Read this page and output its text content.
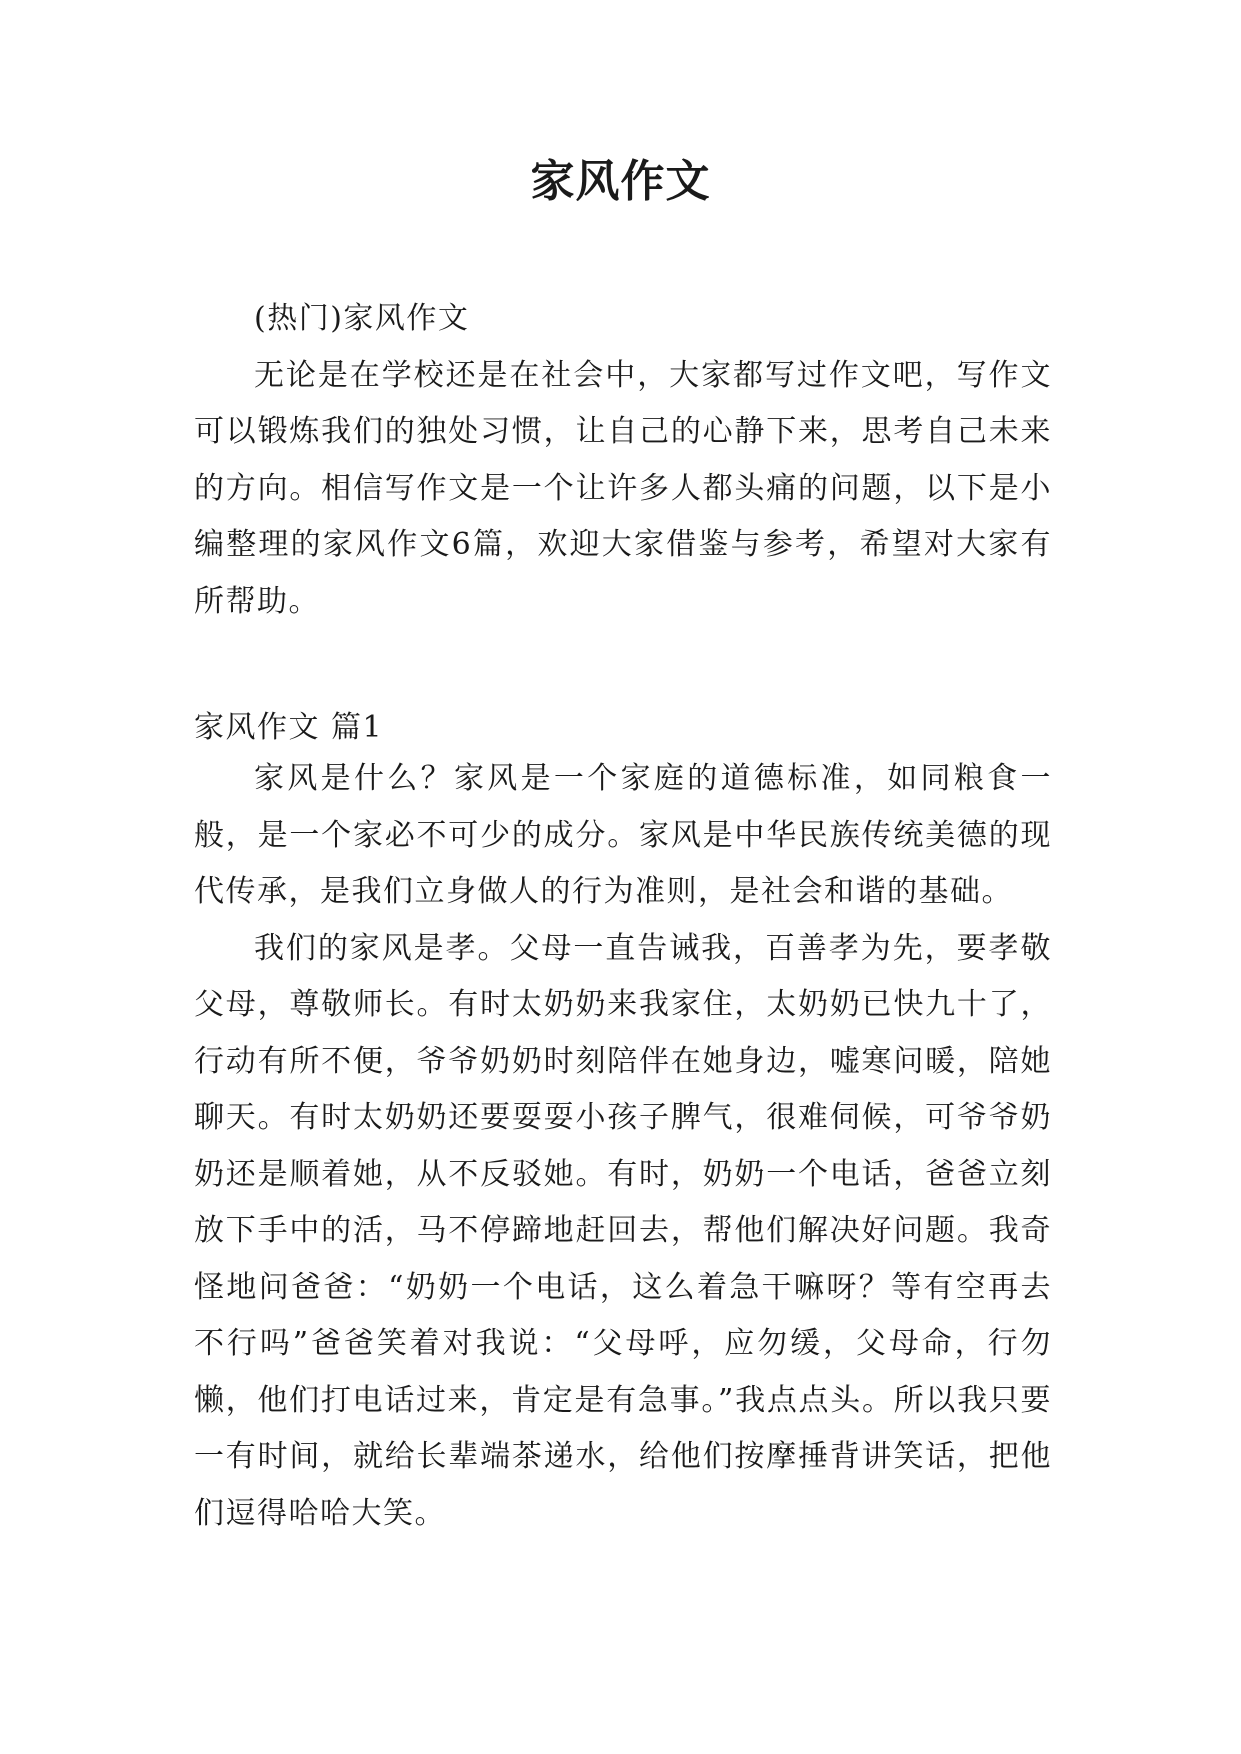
家风作文

(热门)家风作文

无论是在学校还是在社会中，大家都写过作文吧，写作文可以锻炼我们的独处习惯，让自己的心静下来，思考自己未来的方向。相信写作文是一个让许多人都头痛的问题，以下是小编整理的家风作文6篇，欢迎大家借鉴与参考，希望对大家有所帮助。

家风作文 篇1

家风是什么？家风是一个家庭的道德标准，如同粮食一般，是一个家必不可少的成分。家风是中华民族传统美德的现代传承，是我们立身做人的行为准则，是社会和谐的基础。

我们的家风是孝。父母一直告诫我，百善孝为先，要孝敬父母，尊敬师长。有时太奶奶来我家住，太奶奶已快九十了，行动有所不便，爷爷奶奶时刻陪伴在她身边，嘘寒问暖，陪她聊天。有时太奶奶还要耍耍小孩子脾气，很难伺候，可爷爷奶奶还是顺着她，从不反驳她。有时，奶奶一个电话，爸爸立刻放下手中的活，马不停蹄地赶回去，帮他们解决好问题。我奇怪地问爸爸：“奶奶一个电话，这么着急干嘛呀？等有空再去不行吗”爸爸笑着对我说：“父母呼，应勿缓，父母命，行勿懒，他们打电话过来，肯定是有急事。”我点点头。所以我只要一有时间，就给长辈端茶递水，给他们按摩捶背讲笑话，把他们逗得哈哈大笑。
